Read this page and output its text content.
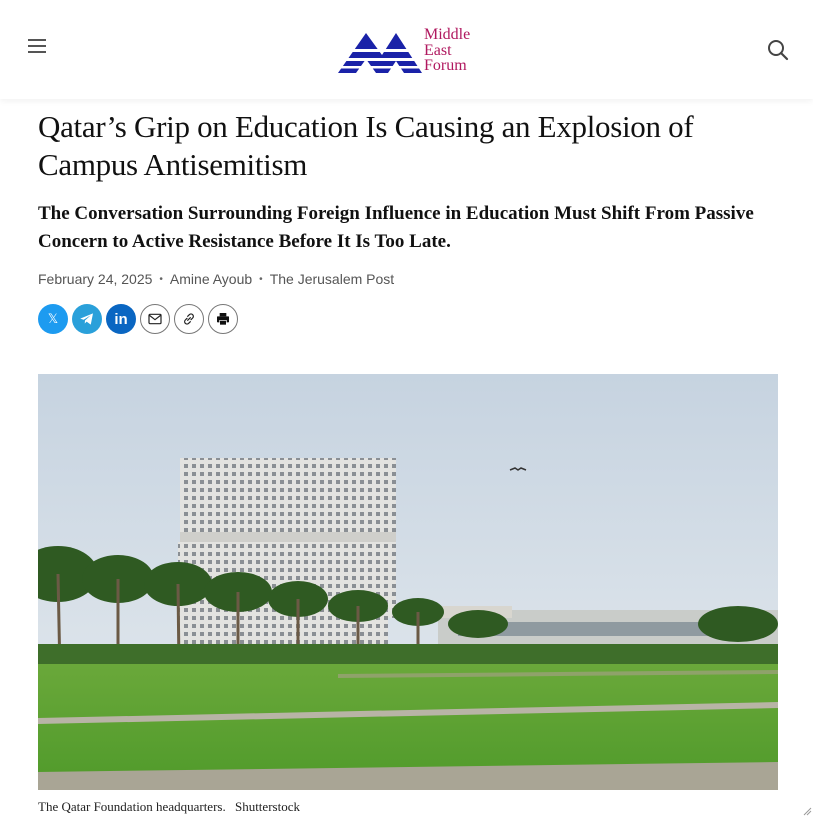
Middle
East
Forum
Qatar’s Grip on Education Is Causing an Explosion of Campus Antisemitism
The Conversation Surrounding Foreign Influence in Education Must Shift From Passive Concern to Active Resistance Before It Is Too Late.
February 24, 2025 • Amine Ayoub • The Jerusalem Post
𝕏	in
The Qatar Foundation headquarters. Shutterstock
